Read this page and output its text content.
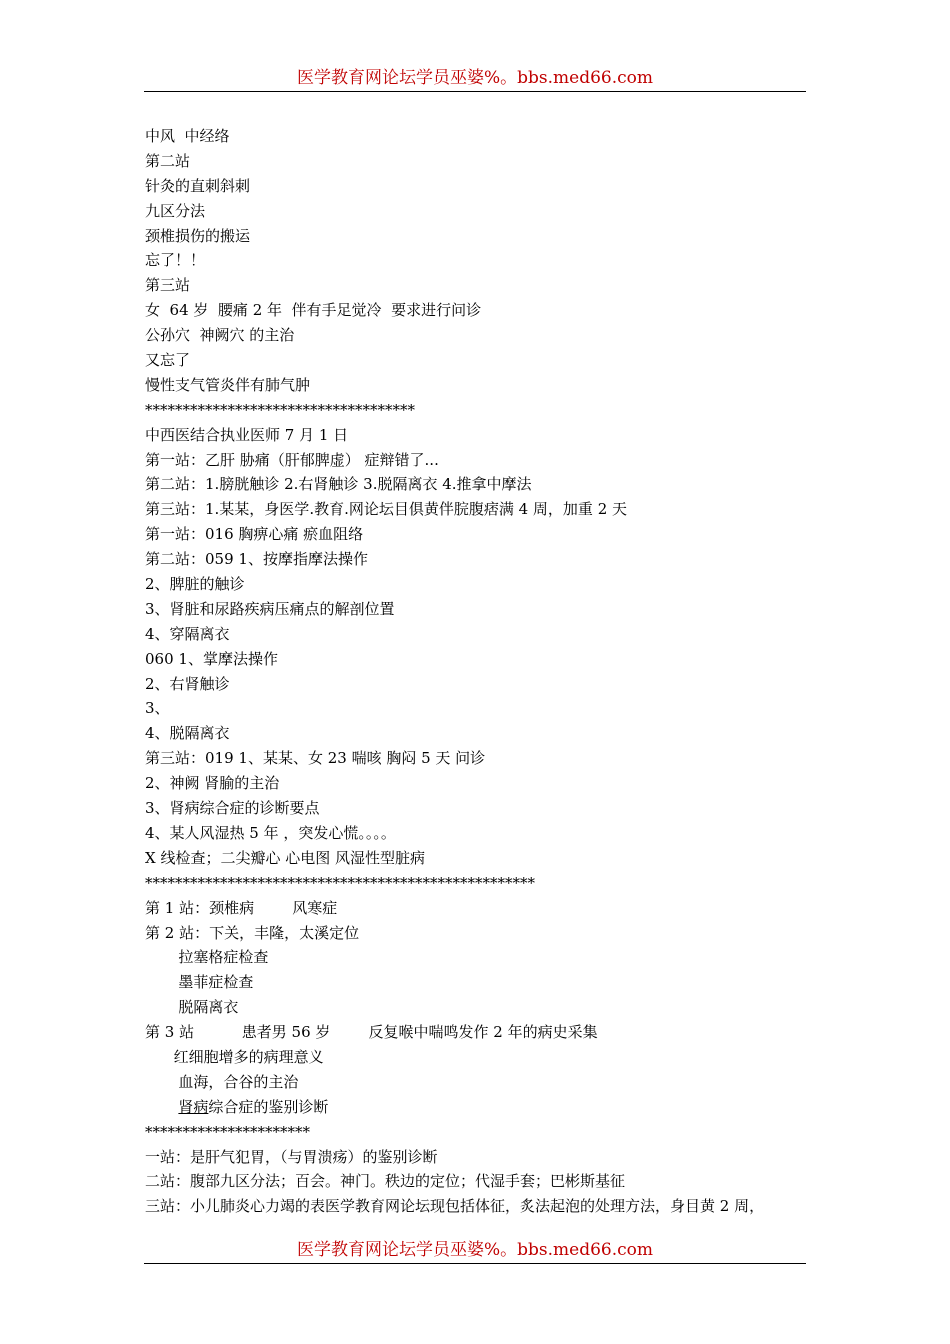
医学教育网论坛学员巫婆%。bbs.med66.com
中风  中经络
第二站
针灸的直刺斜刺
九区分法
颈椎损伤的搬运
忘了！！
第三站
女  64 岁  腰痛 2 年  伴有手足觉冷  要求进行问诊
公孙穴  神阙穴 的主治
又忘了
慢性支气管炎伴有肺气肿
************************************
中西医结合执业医师 7 月 1 日
第一站：乙肝 胁痛（肝郁脾虚） 症辩错了...
第二站：1.膀胱触诊 2.右肾触诊 3.脱隔离衣 4.推拿中摩法
第三站：1.某某，身医学.教育.网论坛目俱黄伴脘腹痞满 4 周，加重 2 天
第一站：016 胸痹心痛 瘀血阻络
第二站：059 1、按摩指摩法操作
2、脾脏的触诊
3、肾脏和尿路疾病压痛点的解剖位置
4、穿隔离衣
060 1、掌摩法操作
2、右肾触诊
3、
4、脱隔离衣
第三站：019 1、某某、女 23 喘咳 胸闷 5 天 问诊
2、神阙 肾腧的主治
3、肾病综合症的诊断要点
4、某人风湿热 5 年 ，突发心慌。。。。
X 线检查；二尖瓣心 心电图 风湿性型脏病
****************************************************
第 1 站：颈椎病        风寒症
第 2 站：下关，丰隆，太溪定位
拉塞格症检查
墨菲症检查
脱隔离衣
第 3 站          患者男 56 岁        反复喉中喘鸣发作 2 年的病史采集
红细胞增多的病理意义
血海，合谷的主治
肾病综合症的鉴别诊断
**********************
一站：是肝气犯胃，（与胃溃疡）的鉴别诊断
二站：腹部九区分法；百会。神门。秩边的定位；代湿手套；巴彬斯基征
三站：小儿肺炎心力竭的表医学教育网论坛现包括体征，炙法起泡的处理方法，身目黄 2 周，
医学教育网论坛学员巫婆%。bbs.med66.com
